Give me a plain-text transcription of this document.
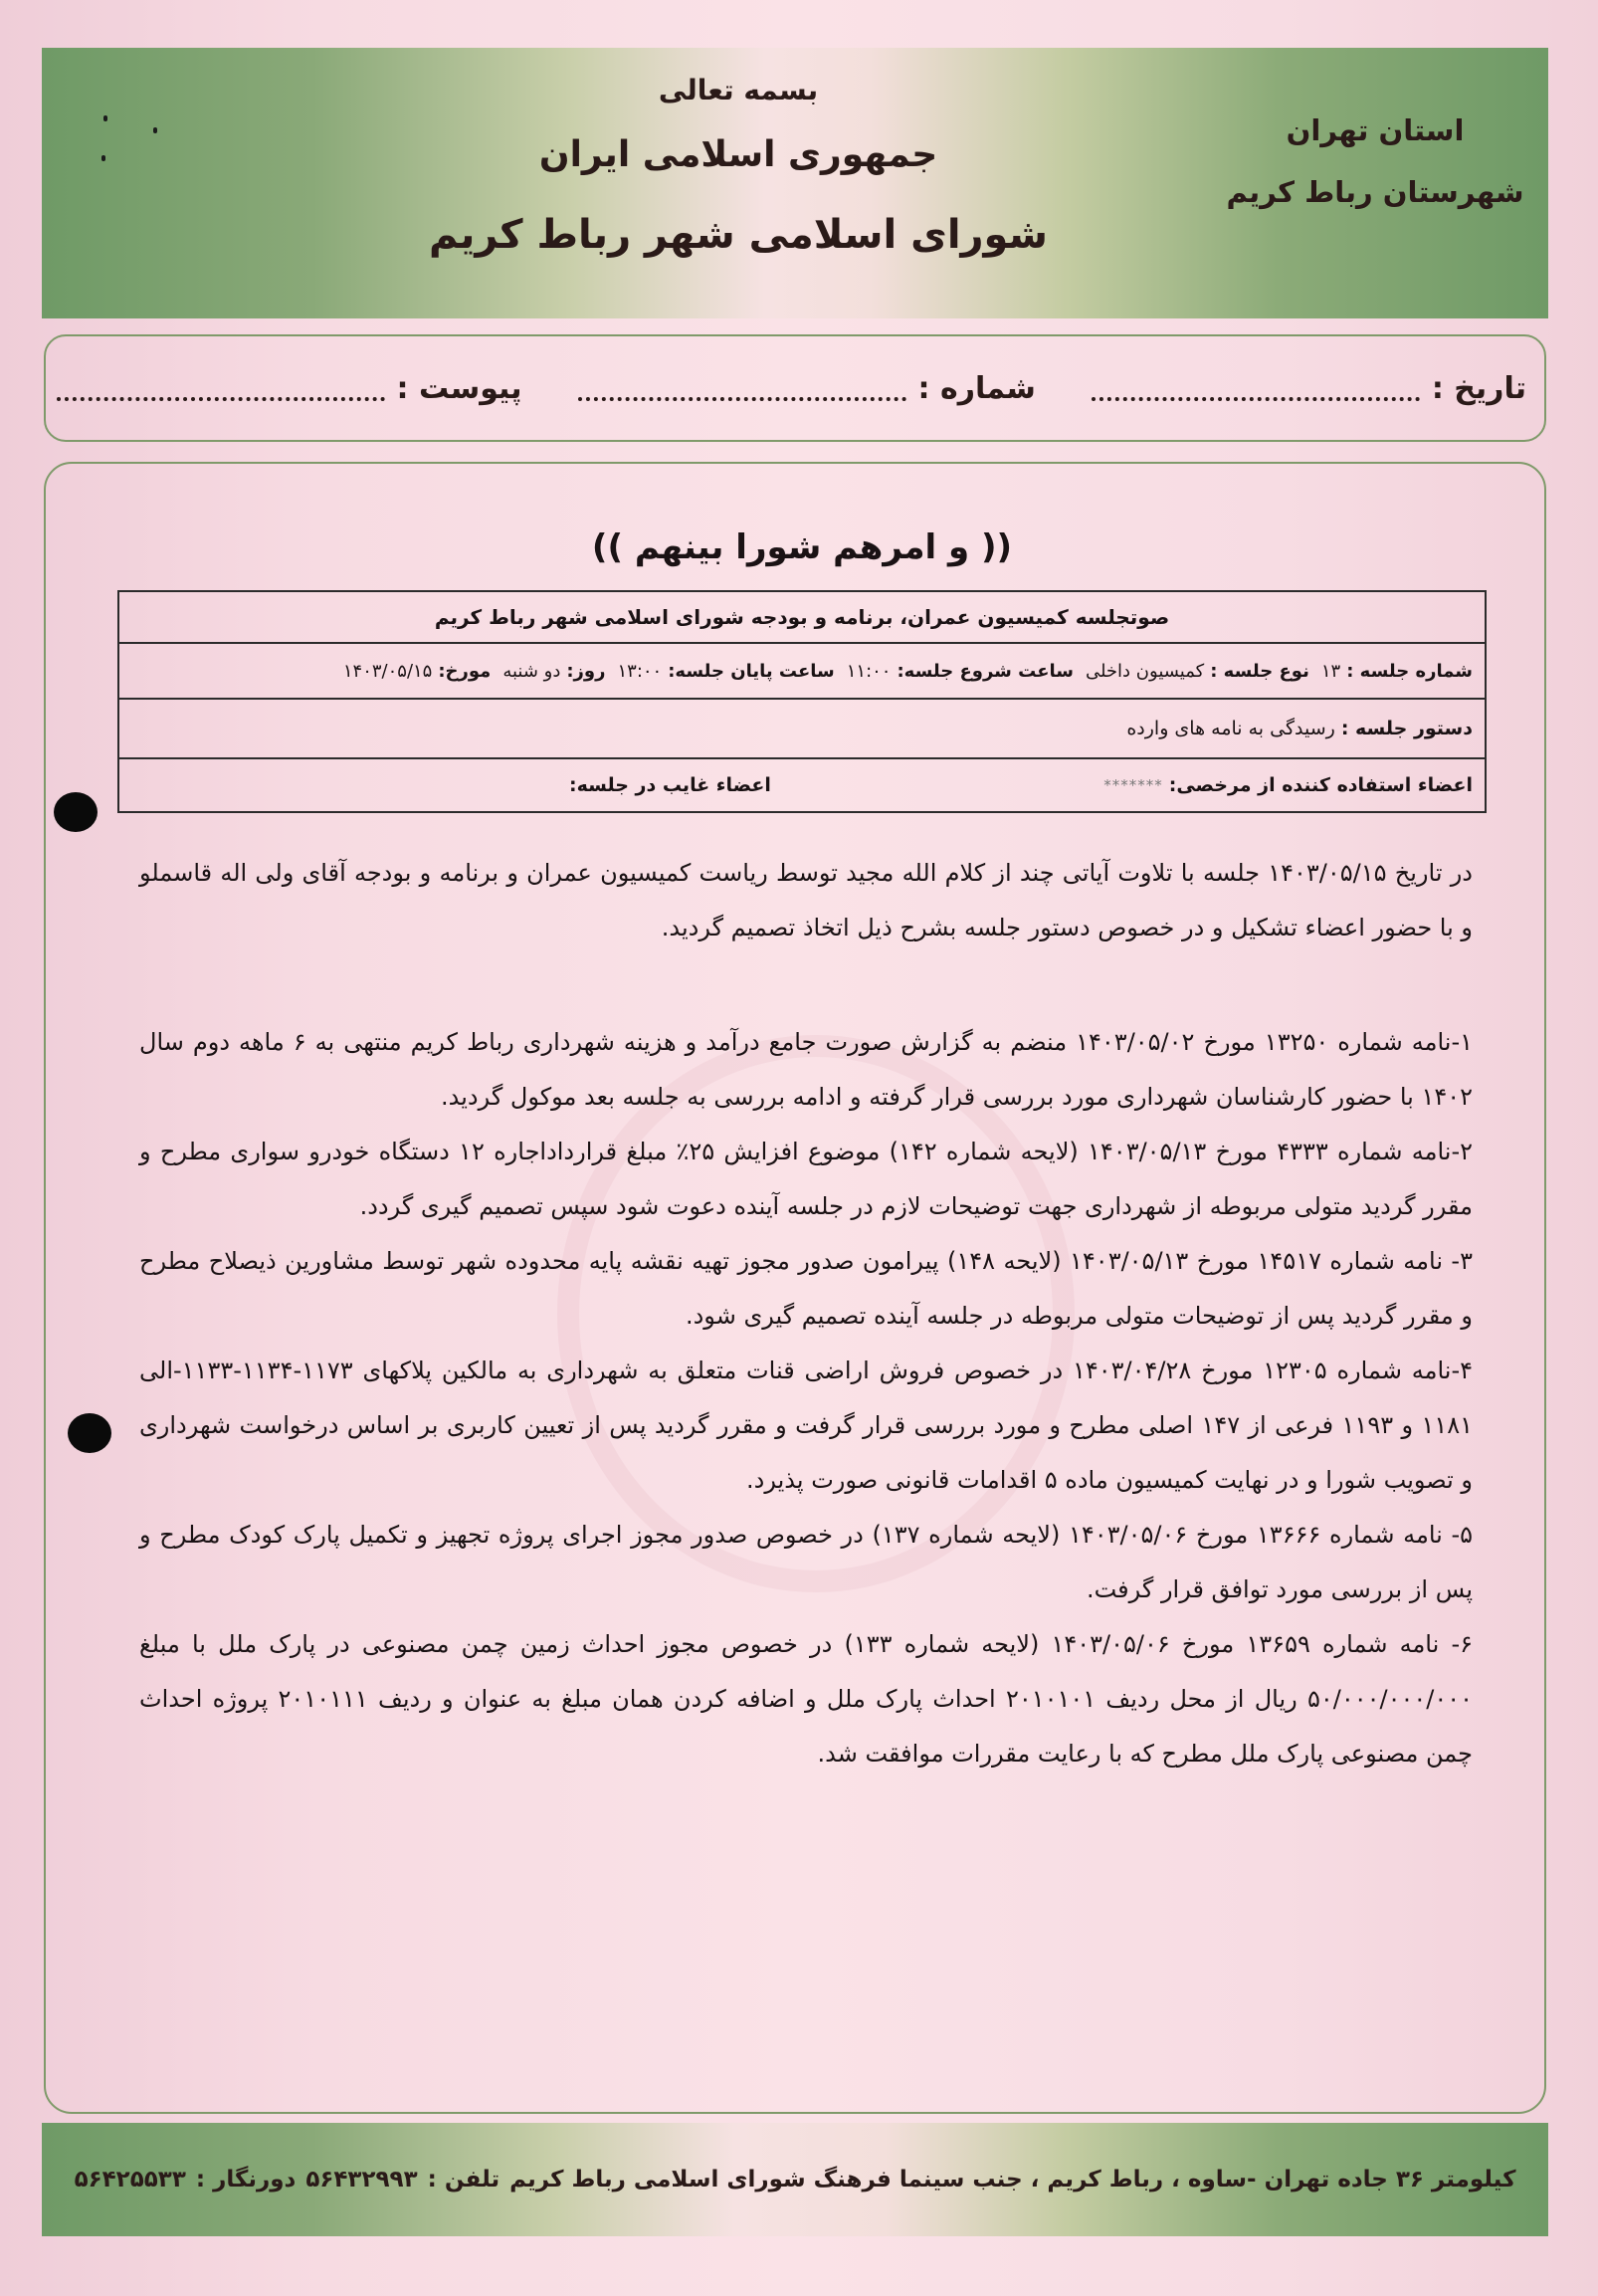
استان تهران
شهرستان رباط کریم
بسمه تعالی
جمهوری اسلامی ایران
شورای اسلامی شهر رباط کریم
تاریخ :
شماره :
پیوست :
(( و امرهم شورا بینهم ))
صوتجلسه کمیسیون عمران، برنامه و بودجه شورای اسلامی شهر رباط کریم
شماره جلسه :
۱۳
نوع جلسه :
کمیسیون داخلی
ساعت شروع جلسه:
۱۱:۰۰
ساعت پایان جلسه:
۱۳:۰۰
روز:
دو شنبه
مورخ:
۱۴۰۳/۰۵/۱۵
دستور جلسه :
رسیدگی به نامه های وارده
اعضاء استفاده کننده از مرخصی:
*******
اعضاء غایب در جلسه:

در تاریخ ۱۴۰۳/۰۵/۱۵ جلسه با تلاوت آیاتی چند از کلام الله مجید توسط ریاست کمیسیون عمران و برنامه و بودجه آقای ولی اله قاسملو و با حضور اعضاء تشکیل و در خصوص دستور جلسه بشرح ذیل اتخاذ تصمیم گردید.

۱-نامه شماره ۱۳۲۵۰ مورخ ۱۴۰۳/۰۵/۰۲ منضم به گزارش صورت جامع درآمد و هزینه شهرداری رباط کریم منتهی به ۶ ماهه دوم سال ۱۴۰۲ با حضور کارشناسان شهرداری مورد بررسی قرار گرفته و ادامه بررسی به جلسه بعد موکول گردید.

۲-نامه شماره ۴۳۳۳ مورخ ۱۴۰۳/۰۵/۱۳ (لایحه شماره ۱۴۲) موضوع افزایش ۲۵٪ مبلغ قرارداداجاره ۱۲ دستگاه خودرو سواری مطرح و مقرر گردید متولی مربوطه از شهرداری جهت توضیحات لازم در جلسه آینده دعوت شود سپس تصمیم گیری گردد.

۳- نامه شماره ۱۴۵۱۷ مورخ ۱۴۰۳/۰۵/۱۳ (لایحه ۱۴۸) پیرامون صدور مجوز تهیه نقشه پایه محدوده شهر توسط مشاورین ذیصلاح مطرح و مقرر گردید پس از توضیحات متولی مربوطه در جلسه آینده تصمیم گیری شود.

۴-نامه شماره ۱۲۳۰۵ مورخ ۱۴۰۳/۰۴/۲۸ در خصوص فروش اراضی قنات متعلق به شهرداری به مالکین پلاکهای ۱۱۷۳-۱۱۳۴-۱۱۳۳-الی ۱۱۸۱ و ۱۱۹۳ فرعی از ۱۴۷ اصلی مطرح و مورد بررسی قرار گرفت و مقرر گردید پس از تعیین کاربری بر اساس درخواست شهرداری و تصویب شورا و در نهایت کمیسیون ماده ۵ اقدامات قانونی صورت پذیرد.

۵- نامه شماره ۱۳۶۶۶ مورخ ۱۴۰۳/۰۵/۰۶ (لایحه شماره ۱۳۷) در خصوص صدور مجوز اجرای پروژه تجهیز و تکمیل پارک کودک مطرح و پس از بررسی مورد توافق قرار گرفت.

۶- نامه شماره ۱۳۶۵۹ مورخ ۱۴۰۳/۰۵/۰۶ (لایحه شماره ۱۳۳) در خصوص مجوز احداث زمین چمن مصنوعی در پارک ملل با مبلغ ۵۰/۰۰۰/۰۰۰/۰۰۰ ریال از محل ردیف ۲۰۱۰۱۰۱ احداث پارک ملل و اضافه کردن همان مبلغ به عنوان و ردیف ۲۰۱۰۱۱۱ پروژه احداث چمن مصنوعی پارک ملل مطرح که با رعایت مقررات موافقت شد.

کیلومتر ۳۶ جاده تهران -ساوه ، رباط کریم ، جنب سینما فرهنگ شورای اسلامی رباط کریم
تلفن :
۵۶۴۳۲۹۹۳
دورنگار :
۵۶۴۲۵۵۳۳
